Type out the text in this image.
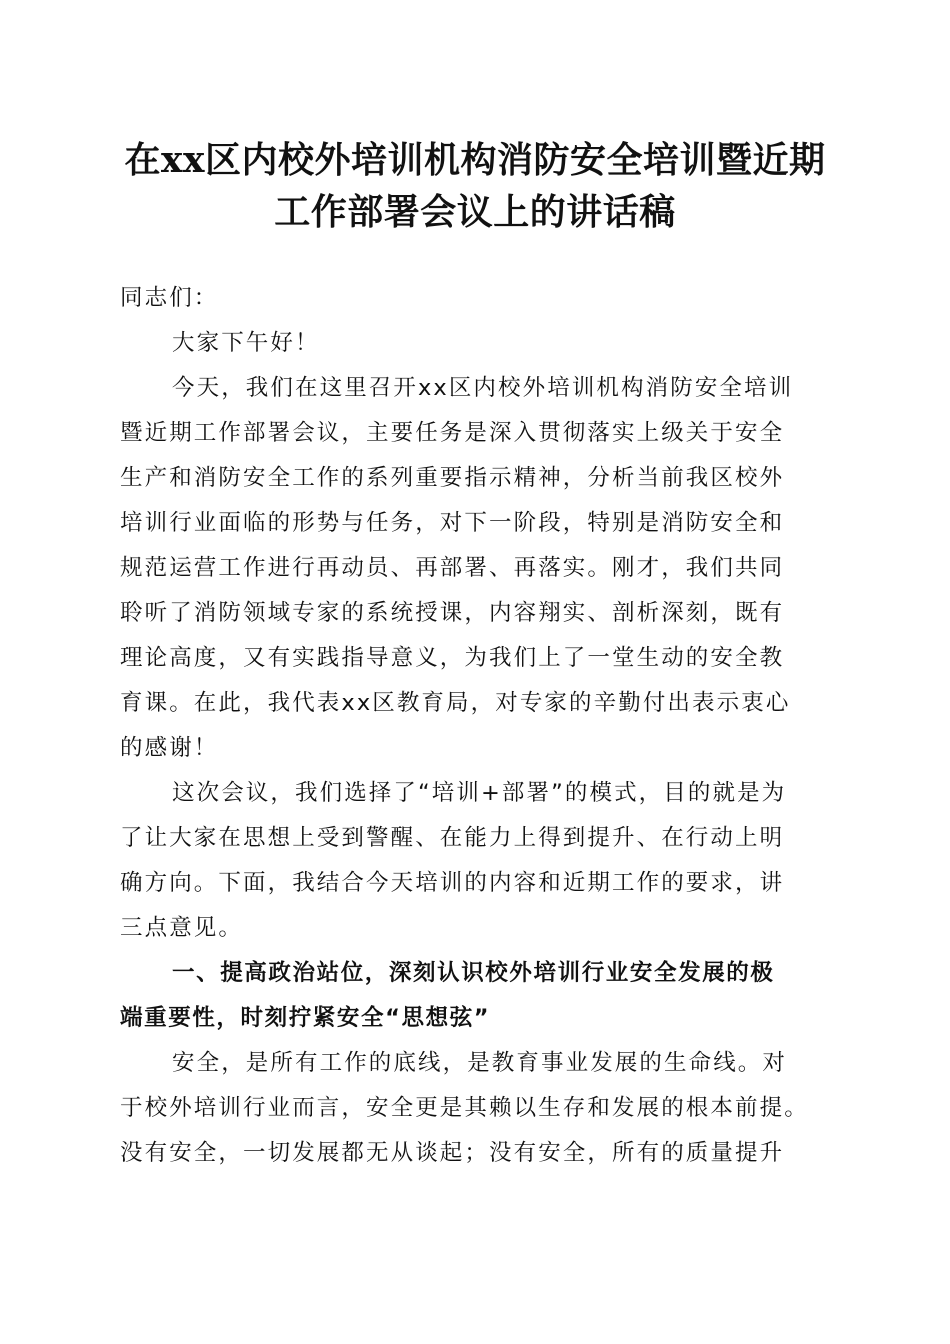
在xx区内校外培训机构消防安全培训暨近期
工作部署会议上的讲话稿
同志们：
大家下午好！
今天，我们在这里召开xx区内校外培训机构消防安全培训
暨近期工作部署会议，主要任务是深入贯彻落实上级关于安全
生产和消防安全工作的系列重要指示精神，分析当前我区校外
培训行业面临的形势与任务，对下一阶段，特别是消防安全和
规范运营工作进行再动员、再部署、再落实。刚才，我们共同
聆听了消防领域专家的系统授课，内容翔实、剖析深刻，既有
理论高度，又有实践指导意义，为我们上了一堂生动的安全教
育课。在此，我代表xx区教育局，对专家的辛勤付出表示衷心
的感谢！
这次会议，我们选择了“培训+部署”的模式，目的就是为
了让大家在思想上受到警醒、在能力上得到提升、在行动上明
确方向。下面，我结合今天培训的内容和近期工作的要求，讲
三点意见。
一、提高政治站位，深刻认识校外培训行业安全发展的极
端重要性，时刻拧紧安全“思想弦”
安全，是所有工作的底线，是教育事业发展的生命线。对
于校外培训行业而言，安全更是其赖以生存和发展的根本前提。
没有安全，一切发展都无从谈起；没有安全，所有的质量提升
